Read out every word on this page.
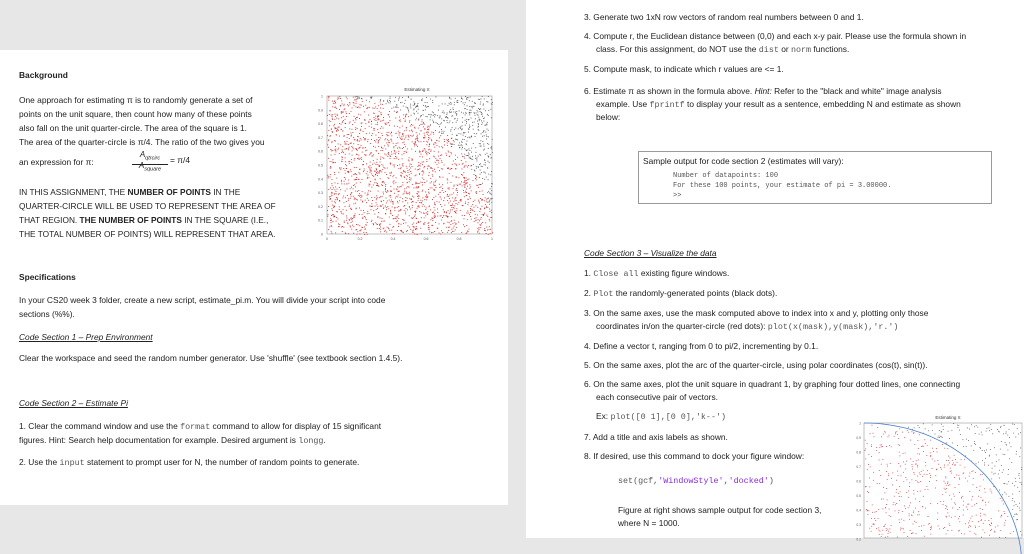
Background

One approach for estimating π is to randomly generate a set of

points on the unit square, then count how many of these points

also fall on the unit quarter-circle. The area of the square is 1.

The area of the quarter-circle is π/4. The ratio of the two gives you

an expression for π:

$A_{qtrcirc}$
$A_{square}$
= π/4

IN THIS ASSIGNMENT, THE NUMBER OF POINTS IN THE

QUARTER-CIRCLE WILL BE USED TO REPRESENT THE AREA OF

THAT REGION. THE NUMBER OF POINTS IN THE SQUARE (I.E.,

THE TOTAL NUMBER OF POINTS) WILL REPRESENT THAT AREA.

Estimating π
1
0.9
0.8
0.7
0.6
0.5
0.4
0.3
0.2
0.1
0
0	0.2	0.4	0.6	0.8	1

Specifications

In your CS20 week 3 folder, create a new script, estimate_pi.m. You will divide your script into code

sections (%%).

Code Section 1 – Prep Environment

Clear the workspace and seed the random number generator. Use 'shuffle' (see textbook section 1.4.5).

Code Section 2 – Estimate Pi

1. Clear the command window and use the format command to allow for display of 15 significant

figures. Hint: Search help documentation for example. Desired argument is longg.

2. Use the input statement to prompt user for N, the number of random points to generate.

3. Generate two 1xN row vectors of random real numbers between 0 and 1.

4. Compute r, the Euclidean distance between (0,0) and each x-y pair. Please use the formula shown in

class. For this assignment, do NOT use the dist or norm functions.

5. Compute mask, to indicate which r values are <= 1.

6. Estimate π as shown in the formula above. Hint: Refer to the "black and white" image analysis

example. Use fprintf to display your result as a sentence, embedding N and estimate as shown

below:

Sample output for code section 2 (estimates will vary):

Number of datapoints: 100

For these 100 points, your estimate of pi = 3.00000.

>>

Code Section 3 – Visualize the data

1. Close all existing figure windows.

2. Plot the randomly-generated points (black dots).

3. On the same axes, use the mask computed above to index into x and y, plotting only those

coordinates in/on the quarter-circle (red dots): plot(x(mask),y(mask),'r.')

4. Define a vector t, ranging from 0 to pi/2, incrementing by 0.1.

5. On the same axes, plot the arc of the quarter-circle, using polar coordinates (cos(t), sin(t)).

6. On the same axes, plot the unit square in quadrant 1, by graphing four dotted lines, one connecting

each consecutive pair of vectors.

Ex: plot([0 1],[0 0],'k--')

7. Add a title and axis labels as shown.

8. If desired, use this command to dock your figure window:

set(gcf,'WindowStyle','docked')

Figure at right shows sample output for code section 3,

where N = 1000.

Estimating π
1
0.9
0.8
0.7
0.6
0.5
0.4
0.3
0.2
